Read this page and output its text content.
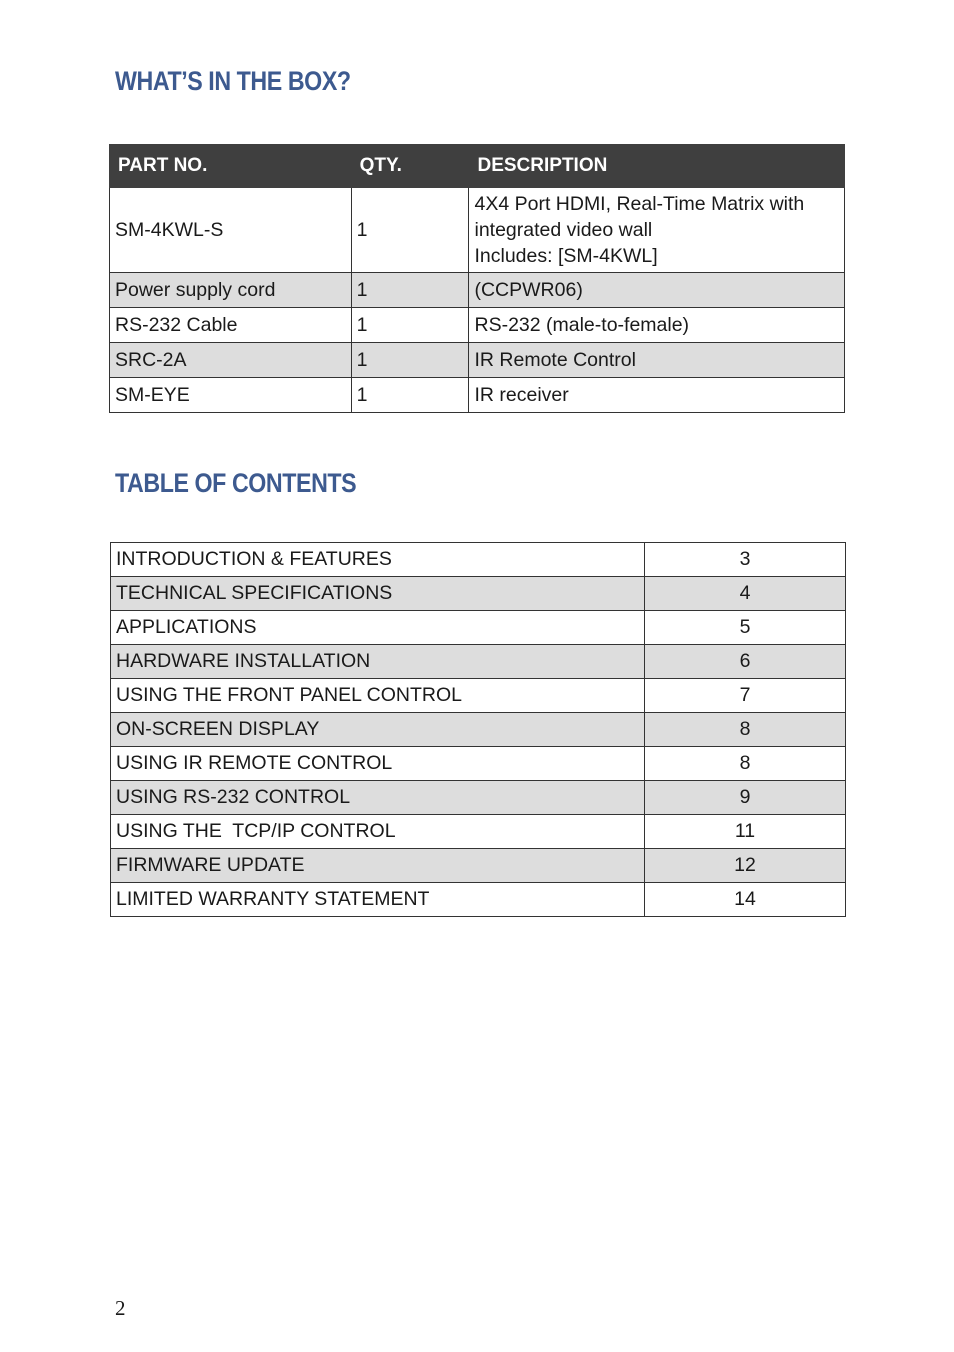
WHAT’S IN THE BOX?
PART NO.	QTY.	DESCRIPTION
SM-4KWL-S	1	4X4 Port HDMI, Real-Time Matrix with
integrated video wall
Includes: [SM-4KWL]

Power supply cord	1	(CCPWR06)
RS-232 Cable	1	RS-232 (male-to-female)
SRC-2A	1	IR Remote Control
SM-EYE	1	IR receiver
TABLE OF CONTENTS
INTRODUCTION & FEATURES	3
TECHNICAL SPECIFICATIONS	4
APPLICATIONS	5
HARDWARE INSTALLATION	6
USING THE FRONT PANEL CONTROL	7
ON-SCREEN DISPLAY	8
USING IR REMOTE CONTROL	8
USING RS-232 CONTROL	9
USING THE  TCP/IP CONTROL	11
FIRMWARE UPDATE	12
LIMITED WARRANTY STATEMENT	14
2
